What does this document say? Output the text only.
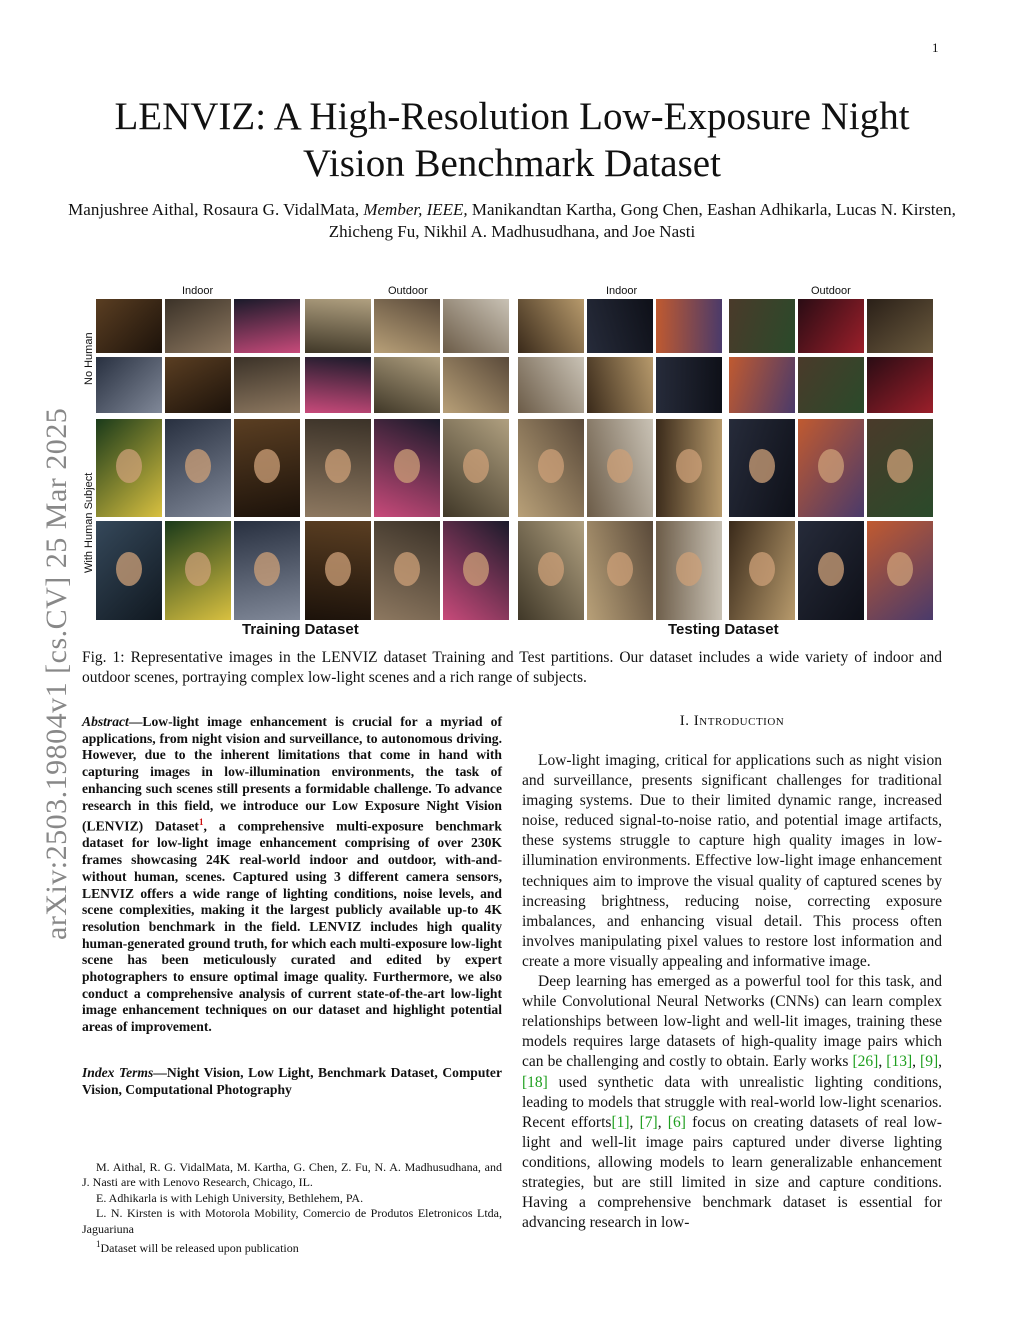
1
LENVIZ: A High-Resolution Low-Exposure Night Vision Benchmark Dataset
Manjushree Aithal, Rosaura G. VidalMata, Member, IEEE, Manikandtan Kartha, Gong Chen, Eashan Adhikarla, Lucas N. Kirsten, Zhicheng Fu, Nikhil A. Madhusudhana, and Joe Nasti
arXiv:2503.19804v1 [cs.CV] 25 Mar 2025
Indoor	Outdoor	Indoor	Outdoor
No Human
With Human Subject
Training Dataset	Testing Dataset
Fig. 1: Representative images in the LENVIZ dataset Training and Test partitions. Our dataset includes a wide variety of indoor and outdoor scenes, portraying complex low-light scenes and a rich range of subjects.
Abstract—Low-light image enhancement is crucial for a myriad of applications, from night vision and surveillance, to autonomous driving. However, due to the inherent limitations that come in hand with capturing images in low-illumination environments, the task of enhancing such scenes still presents a formidable challenge. To advance research in this field, we introduce our Low Exposure Night Vision (LENVIZ) Dataset$^1$, a comprehensive multi-exposure benchmark dataset for low-light image enhancement comprising of over 230K frames showcasing 24K real-world indoor and outdoor, with-and-without human, scenes. Captured using 3 different camera sensors, LENVIZ offers a wide range of lighting conditions, noise levels, and scene complexities, making it the largest publicly available up-to 4K resolution benchmark in the field. LENVIZ includes high quality human-generated ground truth, for which each multi-exposure low-light scene has been meticulously curated and edited by expert photographers to ensure optimal image quality. Furthermore, we also conduct a comprehensive analysis of current state-of-the-art low-light image enhancement techniques on our dataset and highlight potential areas of improvement.
Index Terms—Night Vision, Low Light, Benchmark Dataset, Computer Vision, Computational Photography

M. Aithal, R. G. VidalMata, M. Kartha, G. Chen, Z. Fu, N. A. Madhusudhana, and J. Nasti are with Lenovo Research, Chicago, IL.

E. Adhikarla is with Lehigh University, Bethlehem, PA.

L. N. Kirsten is with Motorola Mobility, Comercio de Produtos Eletronicos Ltda, Jaguariuna

$^1$Dataset will be released upon publication

I. Introduction

Low-light imaging, critical for applications such as night vision and surveillance, presents significant challenges for traditional imaging systems. Due to their limited dynamic range, increased noise, reduced signal-to-noise ratio, and potential image artifacts, these systems struggle to capture high quality images in low-illumination environments. Effective low-light image enhancement techniques aim to improve the visual quality of captured scenes by increasing brightness, reducing noise, correcting exposure imbalances, and enhancing visual detail. This process often involves manipulating pixel values to restore lost information and create a more visually appealing and informative image.

Deep learning has emerged as a powerful tool for this task, and while Convolutional Neural Networks (CNNs) can learn complex relationships between low-light and well-lit images, training these models requires large datasets of high-quality image pairs which can be challenging and costly to obtain. Early works [26], [13], [9], [18] used synthetic data with unrealistic lighting conditions, leading to models that struggle with real-world low-light scenarios. Recent efforts[1], [7], [6] focus on creating datasets of real low-light and well-lit image pairs captured under diverse lighting conditions, allowing models to learn generalizable enhancement strategies, but are still limited in size and capture conditions. Having a comprehensive benchmark dataset is essential for advancing research in low-
